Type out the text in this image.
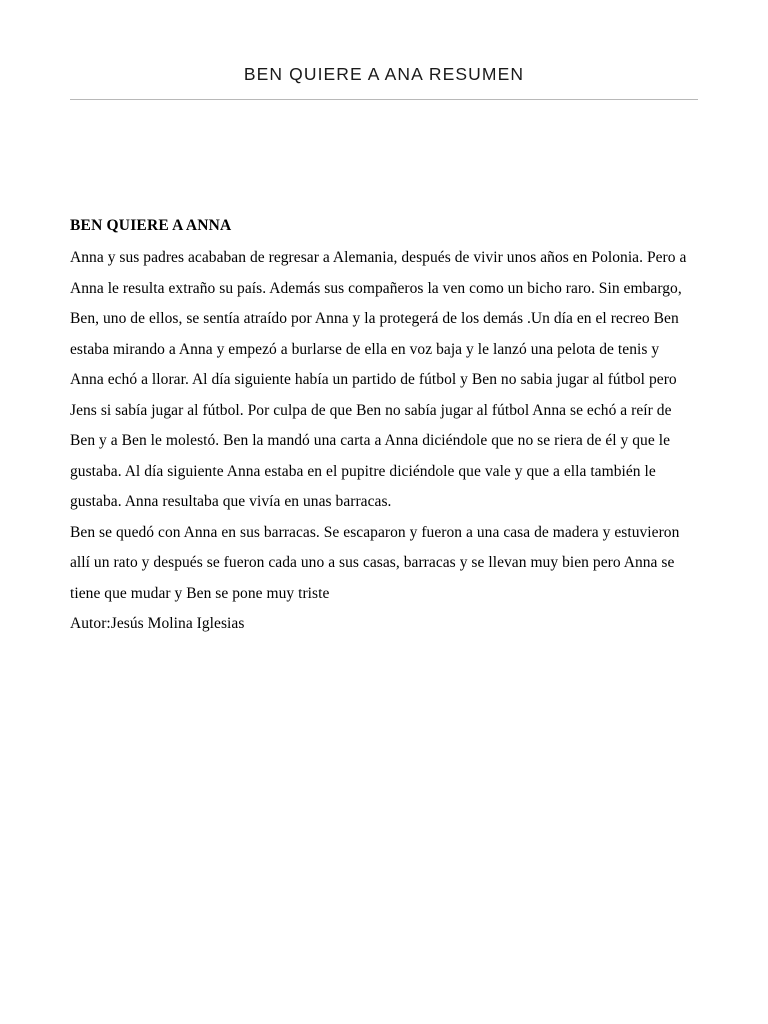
BEN QUIERE A ANA RESUMEN
BEN QUIERE A ANNA

Anna y sus padres acababan de regresar a Alemania, después de vivir unos años en Polonia. Pero a Anna le resulta extraño su país. Además sus compañeros la ven como un bicho raro. Sin embargo, Ben, uno de ellos, se sentía atraído por Anna y la protegerá de los demás .Un día en el recreo Ben estaba mirando a Anna y empezó a burlarse de ella en voz baja y le lanzó una pelota de tenis y Anna echó a llorar. Al día siguiente había un partido de fútbol y Ben no sabia jugar al fútbol pero Jens si sabía jugar al fútbol. Por culpa de que Ben no sabía jugar al fútbol Anna se echó a reír de Ben y a Ben le molestó. Ben la mandó una carta a Anna diciéndole que no se riera de él y que le gustaba. Al día siguiente Anna estaba en el pupitre diciéndole que vale y que a ella también le gustaba. Anna resultaba que vivía en unas barracas.

Ben se quedó con Anna en sus barracas. Se escaparon y fueron a una casa de madera y estuvieron allí un rato y después se fueron cada uno a sus casas, barracas y se llevan muy bien pero Anna se tiene que mudar y Ben se pone muy triste

Autor:Jesús Molina Iglesias
